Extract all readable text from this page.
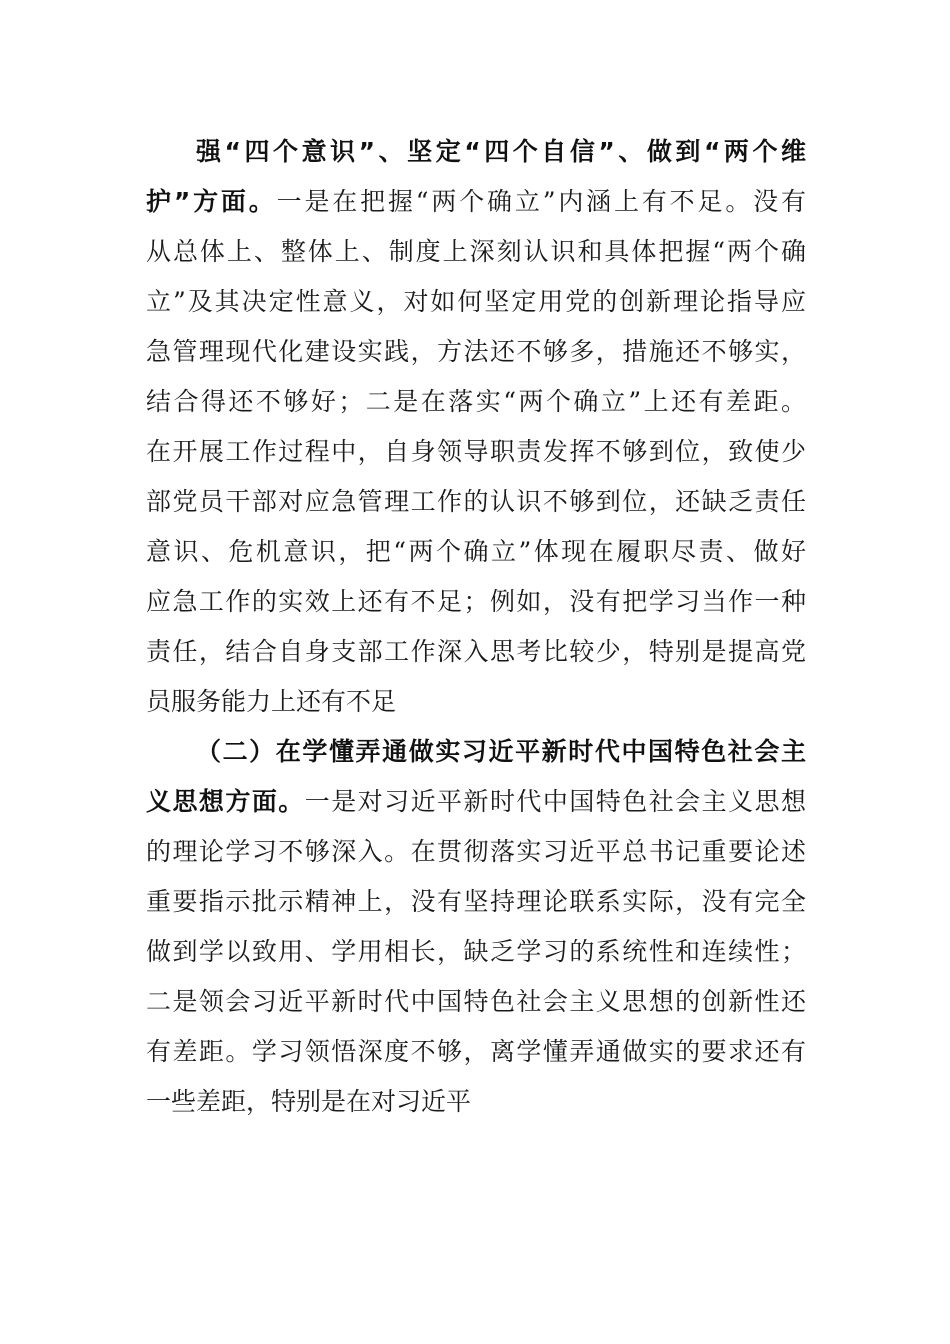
强“四个意识”、坚定“四个自信”、做到“两个维
护”方面。一是在把握“两个确立”内涵上有不足。没有
从总体上、整体上、制度上深刻认识和具体把握“两个确
立”及其决定性意义，对如何坚定用党的创新理论指导应
急管理现代化建设实践，方法还不够多，措施还不够实，
结合得还不够好；二是在落实“两个确立”上还有差距。
在开展工作过程中，自身领导职责发挥不够到位，致使少
部党员干部对应急管理工作的认识不够到位，还缺乏责任
意识、危机意识，把“两个确立”体现在履职尽责、做好
应急工作的实效上还有不足；例如，没有把学习当作一种
责任，结合自身支部工作深入思考比较少，特别是提高党
员服务能力上还有不足
（二）在学懂弄通做实习近平新时代中国特色社会主
义思想方面。一是对习近平新时代中国特色社会主义思想
的理论学习不够深入。在贯彻落实习近平总书记重要论述
重要指示批示精神上，没有坚持理论联系实际，没有完全
做到学以致用、学用相长，缺乏学习的系统性和连续性；
二是领会习近平新时代中国特色社会主义思想的创新性还
有差距。学习领悟深度不够，离学懂弄通做实的要求还有
一些差距，特别是在对习近平
